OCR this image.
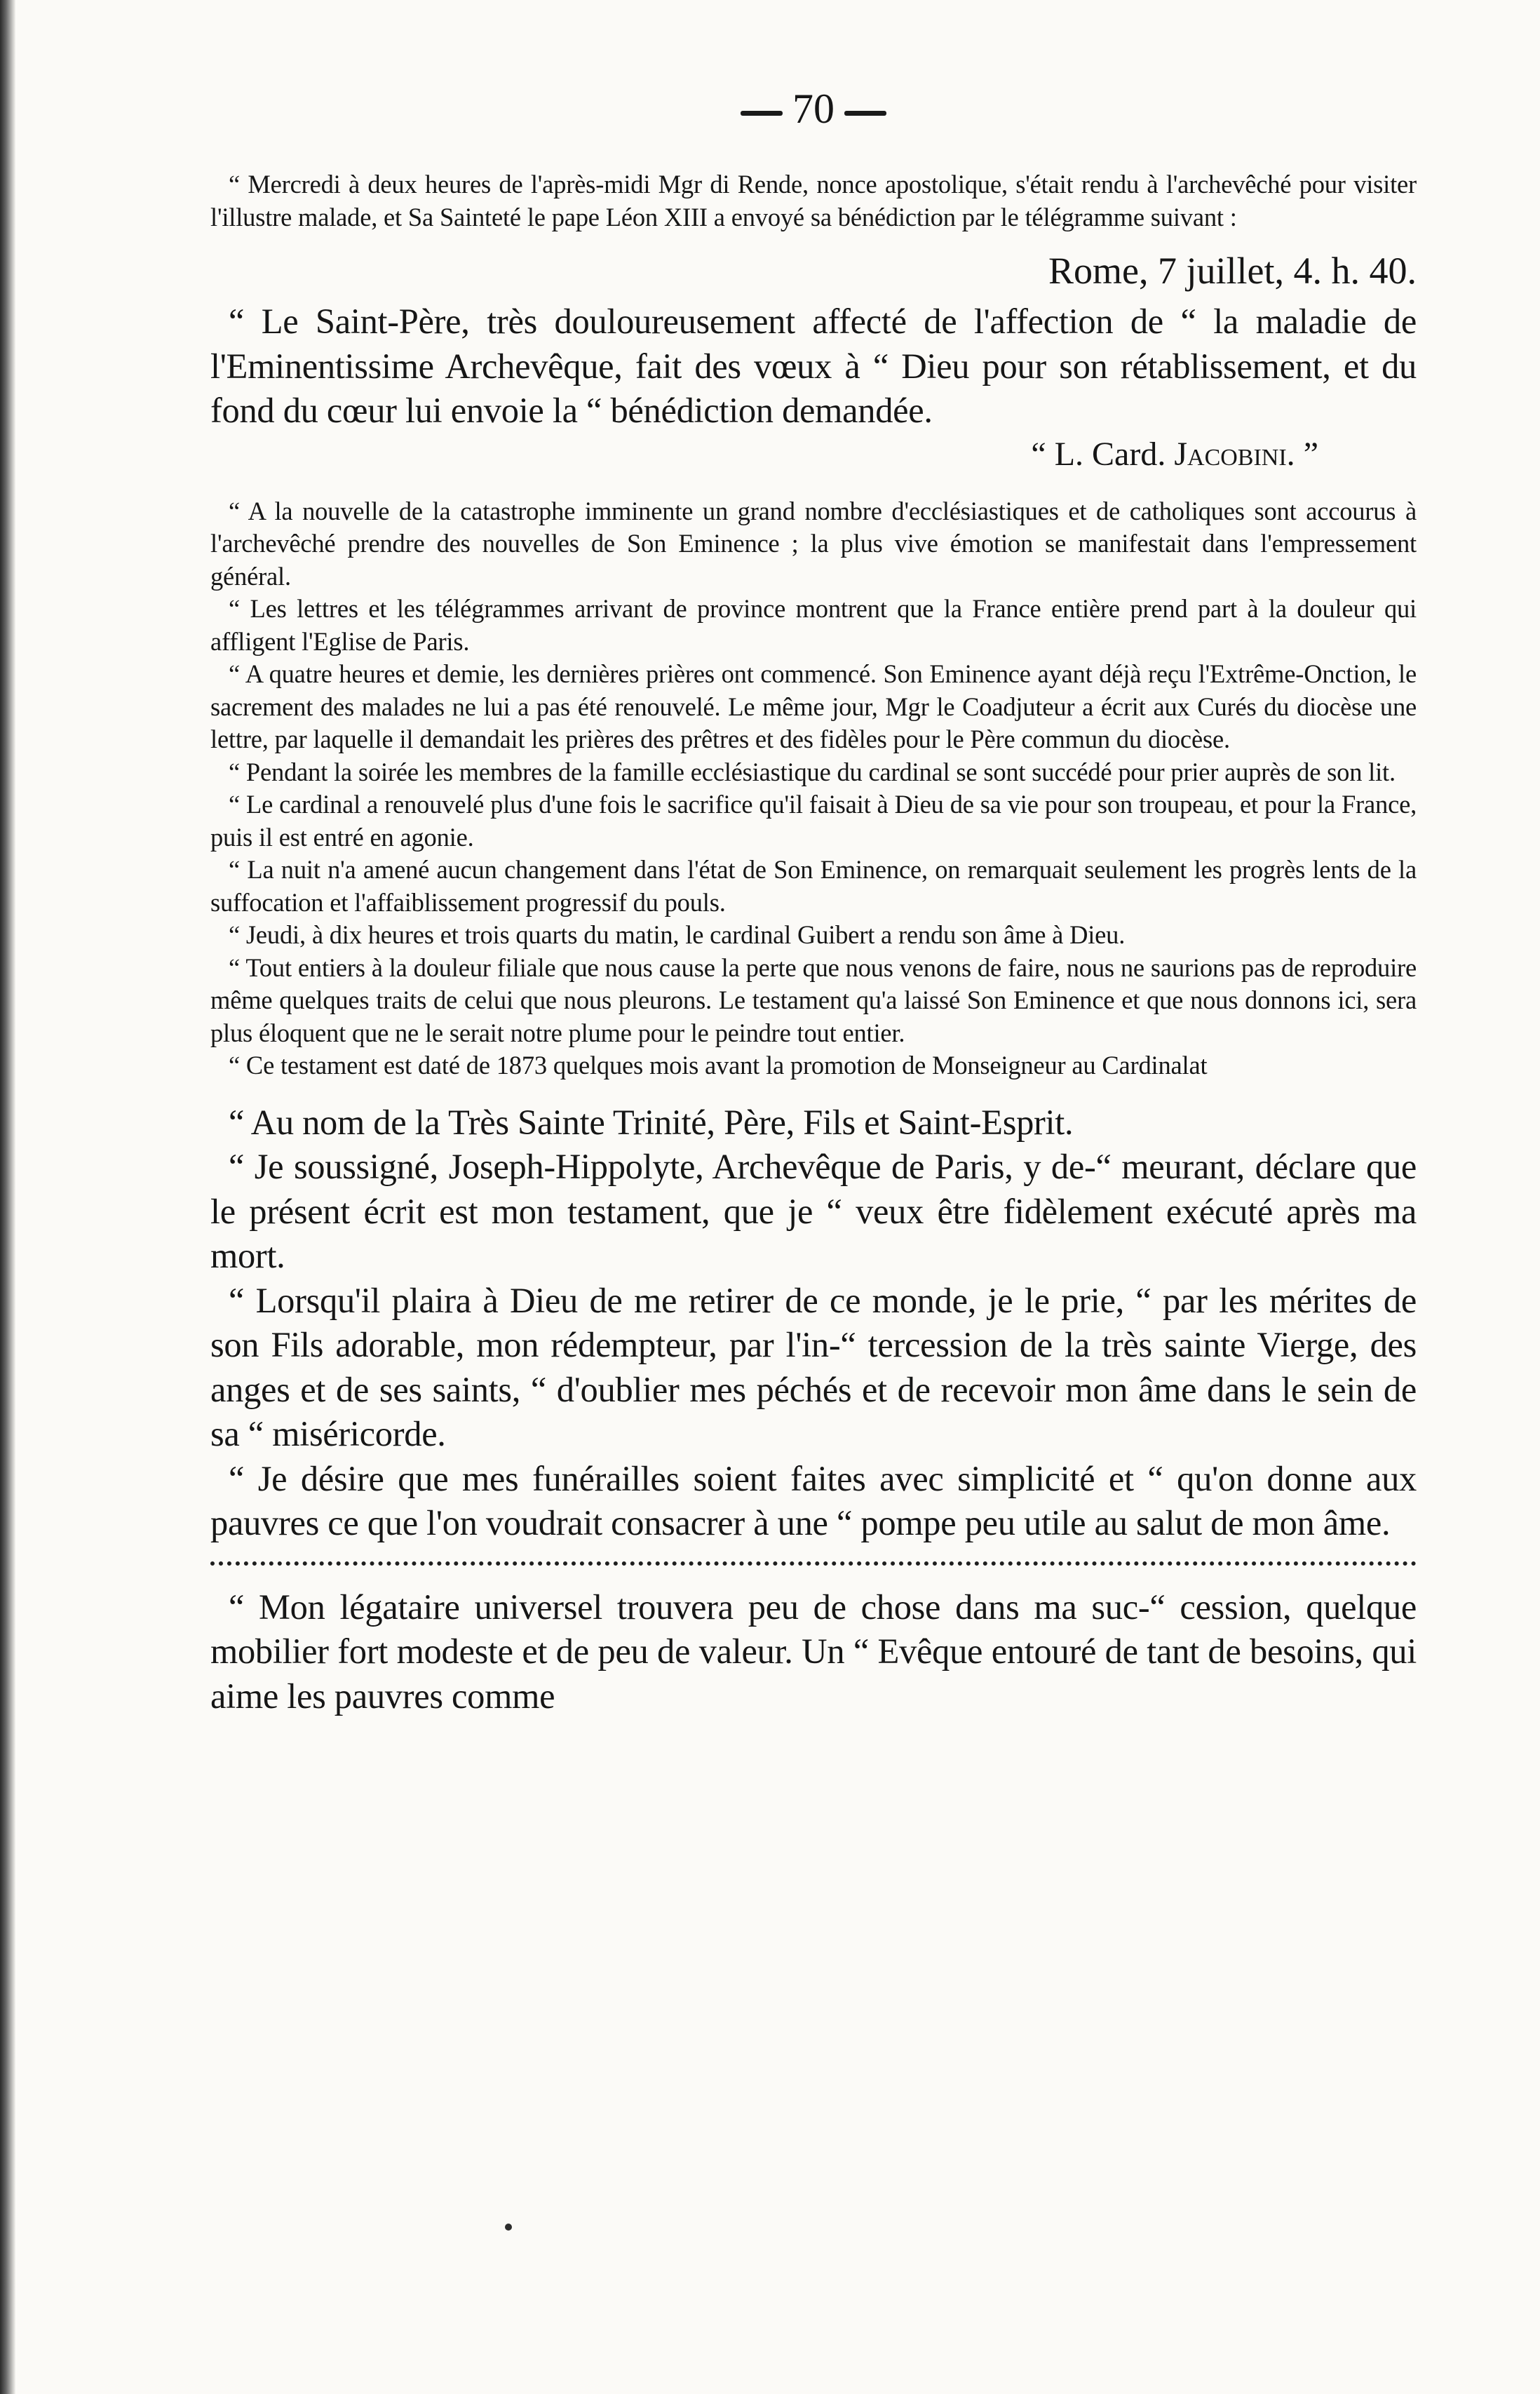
70

“ Mercredi à deux heures de l'après-midi Mgr di Rende, nonce apostolique, s'était rendu à l'archevêché pour visiter l'illustre malade, et Sa Sainteté le pape Léon XIII a envoyé sa bénédiction par le télégramme suivant :

Rome, 7 juillet, 4. h. 40.

“ Le Saint-Père, très douloureusement affecté de l'affection de “ la maladie de l'Eminentissime Archevêque, fait des vœux à “ Dieu pour son rétablissement, et du fond du cœur lui envoie la “ bénédiction demandée.

“ L. Card. Jacobini. ”

“ A la nouvelle de la catastrophe imminente un grand nombre d'ecclésiastiques et de catholiques sont accourus à l'archevêché prendre des nouvelles de Son Eminence ; la plus vive émotion se manifestait dans l'empressement général.

“ Les lettres et les télégrammes arrivant de province montrent que la France entière prend part à la douleur qui affligent l'Eglise de Paris.

“ A quatre heures et demie, les dernières prières ont commencé. Son Eminence ayant déjà reçu l'Extrême-Onction, le sacrement des malades ne lui a pas été renouvelé. Le même jour, Mgr le Coadjuteur a écrit aux Curés du diocèse une lettre, par laquelle il demandait les prières des prêtres et des fidèles pour le Père commun du diocèse.

“ Pendant la soirée les membres de la famille ecclésiastique du cardinal se sont succédé pour prier auprès de son lit.

“ Le cardinal a renouvelé plus d'une fois le sacrifice qu'il faisait à Dieu de sa vie pour son troupeau, et pour la France, puis il est entré en agonie.

“ La nuit n'a amené aucun changement dans l'état de Son Eminence, on remarquait seulement les progrès lents de la suffocation et l'affaiblissement progressif du pouls.

“ Jeudi, à dix heures et trois quarts du matin, le cardinal Guibert a rendu son âme à Dieu.

“ Tout entiers à la douleur filiale que nous cause la perte que nous venons de faire, nous ne saurions pas de reproduire même quelques traits de celui que nous pleurons. Le testament qu'a laissé Son Eminence et que nous donnons ici, sera plus éloquent que ne le serait notre plume pour le peindre tout entier.

“ Ce testament est daté de 1873 quelques mois avant la promotion de Monseigneur au Cardinalat

“ Au nom de la Très Sainte Trinité, Père, Fils et Saint-Esprit.

“ Je soussigné, Joseph-Hippolyte, Archevêque de Paris, y de-“ meurant, déclare que le présent écrit est mon testament, que je “ veux être fidèlement exécuté après ma mort.

“ Lorsqu'il plaira à Dieu de me retirer de ce monde, je le prie, “ par les mérites de son Fils adorable, mon rédempteur, par l'in-“ tercession de la très sainte Vierge, des anges et de ses saints, “ d'oublier mes péchés et de recevoir mon âme dans le sein de sa “ miséricorde.

“ Je désire que mes funérailles soient faites avec simplicité et “ qu'on donne aux pauvres ce que l'on voudrait consacrer à une “ pompe peu utile au salut de mon âme.

“ Mon légataire universel trouvera peu de chose dans ma suc-“ cession, quelque mobilier fort modeste et de peu de valeur. Un “ Evêque entouré de tant de besoins, qui aime les pauvres comme
